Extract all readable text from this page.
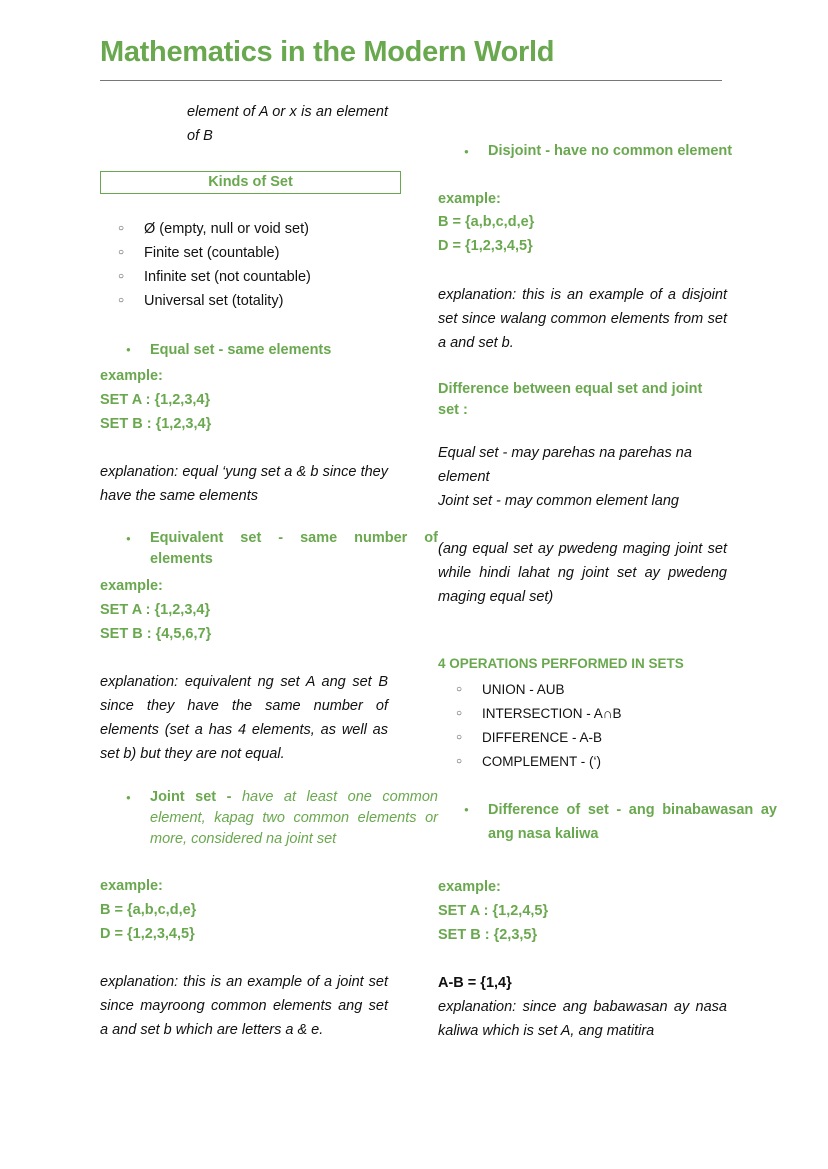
Mathematics in the Modern World
element of A or x is an element of B
Kinds of Set
○ Ø (empty, null or void set)
○ Finite set (countable)
○ Infinite set (not countable)
○ Universal set (totality)
● Equal set - same elements
example:
SET A : {1,2,3,4}
SET B : {1,2,3,4}
explanation: equal ‘yung set a & b since they have the same elements
● Equivalent set - same number of elements
example:
SET A : {1,2,3,4}
SET B : {4,5,6,7}
explanation: equivalent ng set A ang set B since they have the same number of elements (set a has 4 elements, as well as set b) but they are not equal.
● Joint set - have at least one common element, kapag two common elements or more, considered na joint set
example:
B = {a,b,c,d,e}
D = {1,2,3,4,5}
explanation: this is an example of a joint set since mayroong common elements ang set a and set b which are letters a & e.
● Disjoint - have no common element
example:
B = {a,b,c,d,e}
D = {1,2,3,4,5}
explanation: this is an example of a disjoint set since walang common elements from set a and set b.
Difference between equal set and joint set :
Equal set - may parehas na parehas na element
Joint set - may common element lang
(ang equal set ay pwedeng maging joint set while hindi lahat ng joint set ay pwedeng maging equal set)
4 OPERATIONS PERFORMED IN SETS
○ UNION - AUB
○ INTERSECTION - A∩B
○ DIFFERENCE - A-B
○ COMPLEMENT - (‘)
● Difference of set - ang binabawasan ay ang nasa kaliwa
example:
SET A : {1,2,4,5}
SET B : {2,3,5}
A-B = {1,4}
explanation: since ang babawasan ay nasa kaliwa which is set A, ang matitira
